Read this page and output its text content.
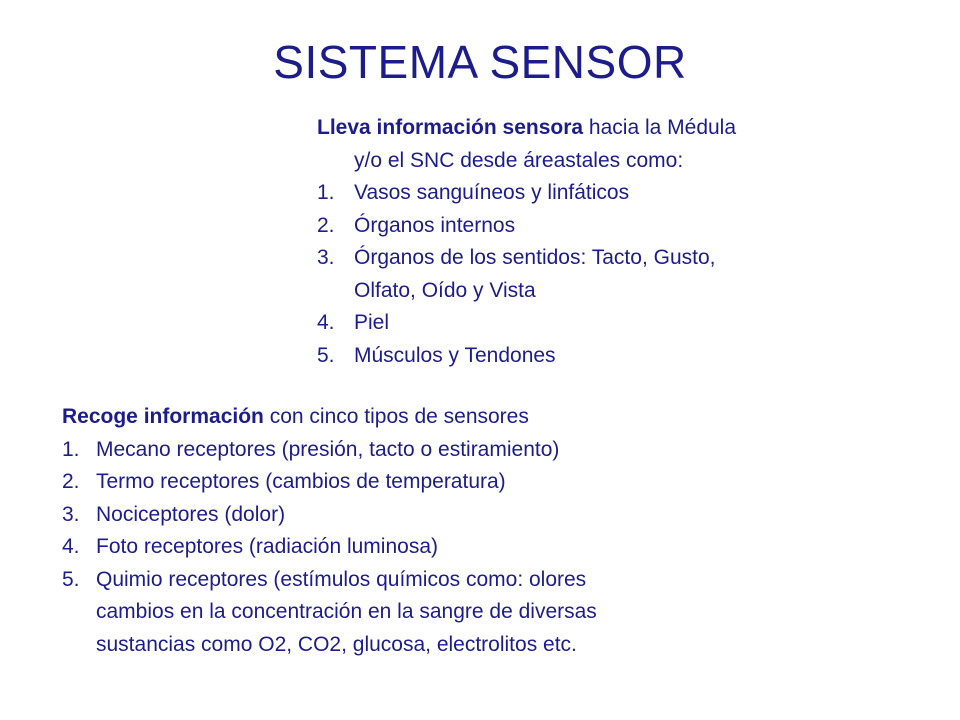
SISTEMA SENSOR

Lleva información sensora hacia la Médula

y/o el SNC desde áreastales como:
1. Vasos sanguíneos y linfáticos
2. Órganos internos
3. Órganos de los sentidos: Tacto, Gusto,
Olfato, Oído y Vista
4. Piel
5. Músculos y Tendones

Recoge información con cinco tipos de sensores

1. Mecano receptores (presión, tacto o estiramiento)
2. Termo receptores (cambios de temperatura)
3. Nociceptores (dolor)
4. Foto receptores (radiación luminosa)
5. Quimio receptores (estímulos químicos como: olores
cambios en la concentración en la sangre de diversas
sustancias como O2, CO2, glucosa, electrolitos etc.
